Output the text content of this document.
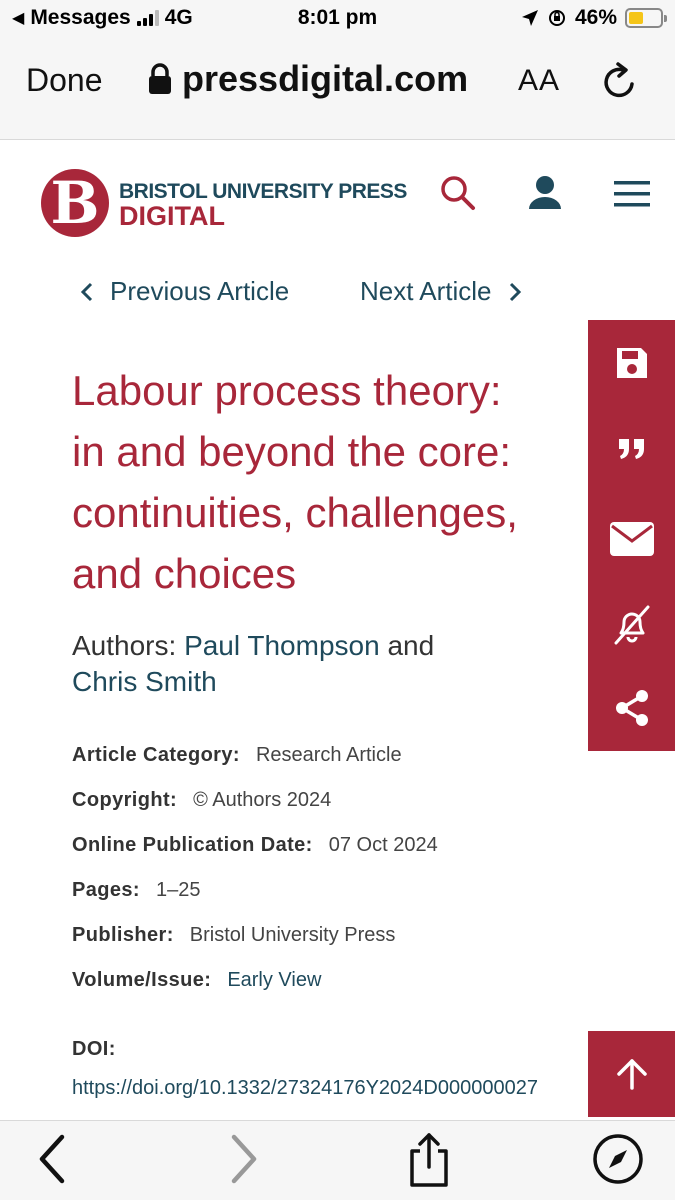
◀ Messages 4G	8:01 pm	46%
Done pressdigital.com AA
B BRISTOL UNIVERSITY PRESS
DIGITAL
Previous Article	Next Article
Labour process theory:
in and beyond the core:
continuities, challenges,
and choices
Authors: Paul Thompson and
Chris Smith
Article Category: Research Article
Copyright: © Authors 2024
Online Publication Date: 07 Oct 2024
Pages: 1–25
Publisher: Bristol University Press
Volume/Issue: Early View
DOI:
https://doi.org/10.1332/27324176Y2024D000000027
